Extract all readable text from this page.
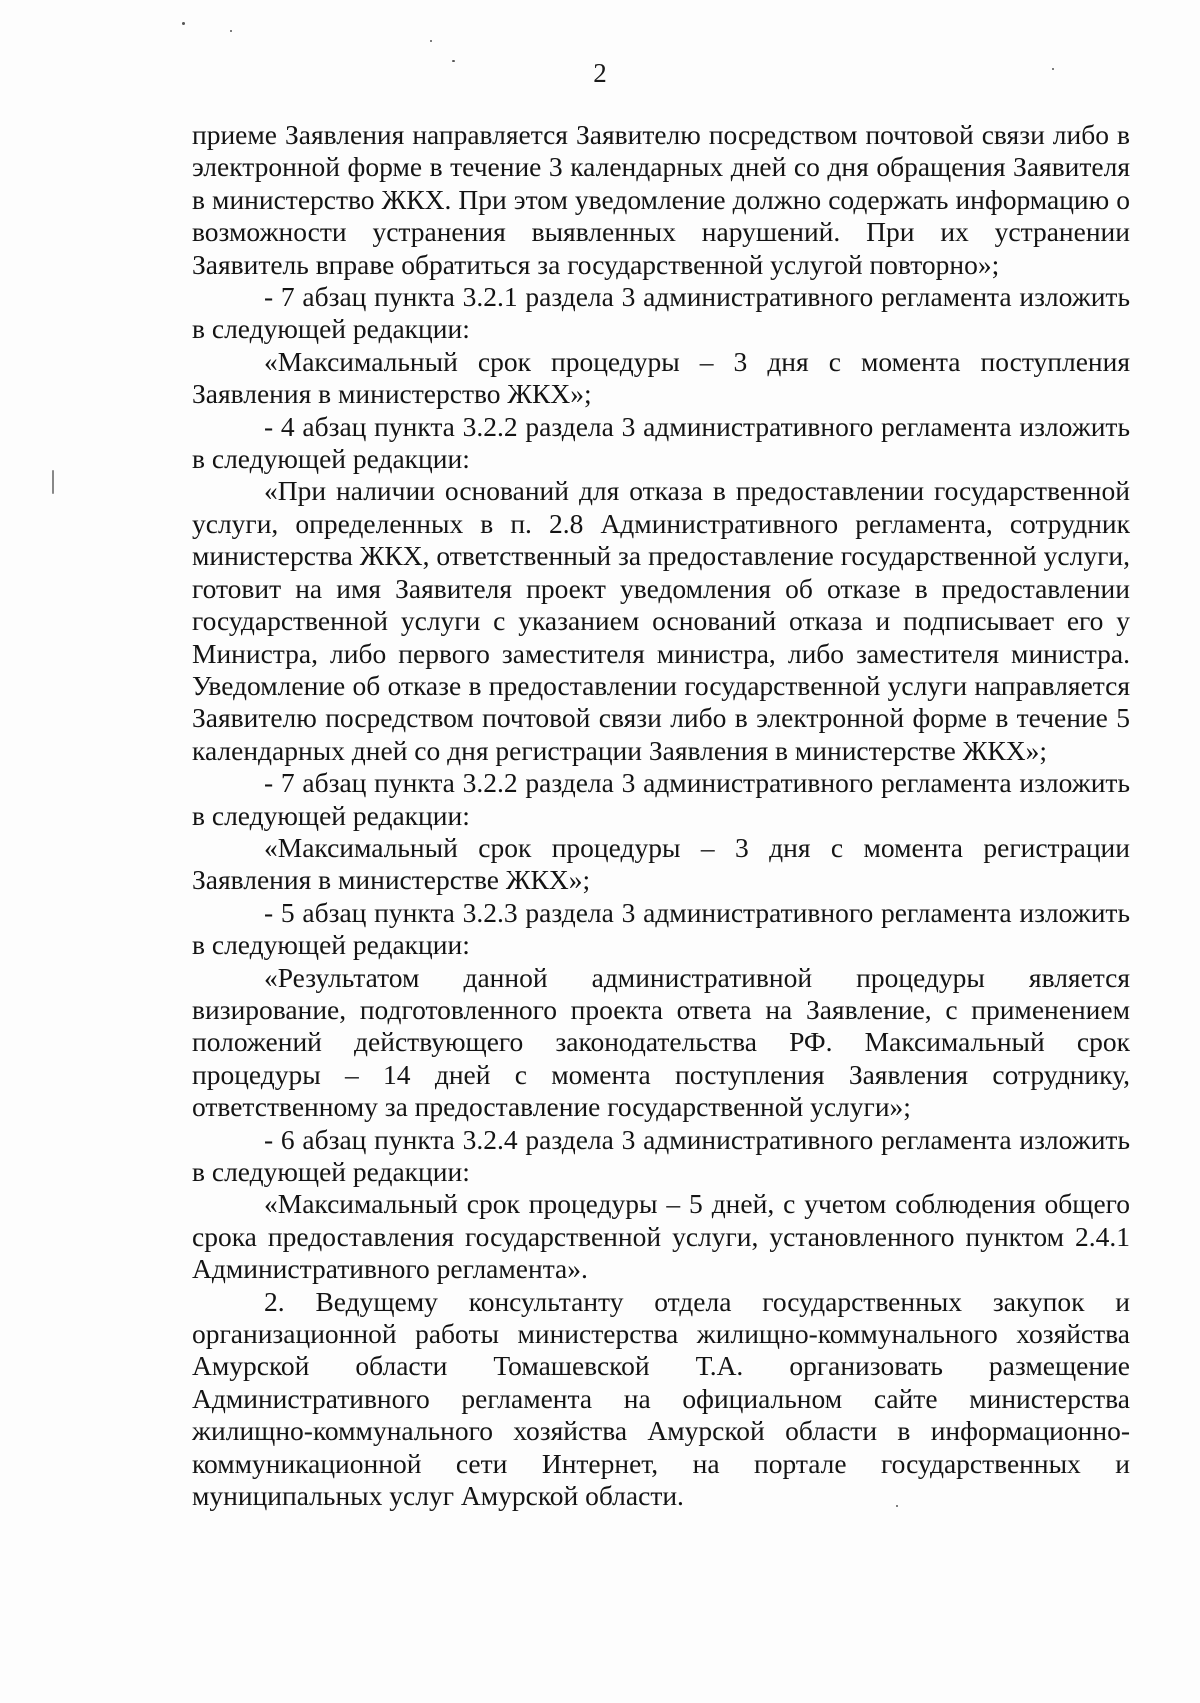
2

приеме Заявления направляется Заявителю посредством почтовой связи либо в электронной форме в течение 3 календарных дней со дня обращения Заявителя в министерство ЖКХ. При этом уведомление должно содержать информацию о возможности устранения выявленных нарушений. При их устранении Заявитель вправе обратиться за государственной услугой повторно»;

- 7 абзац пункта 3.2.1 раздела 3 административного регламента изложить в следующей редакции:

«Максимальный срок процедуры – 3 дня с момента поступления Заявления в министерство ЖКХ»;

- 4 абзац пункта 3.2.2 раздела 3 административного регламента изложить в следующей редакции:

«При наличии оснований для отказа в предоставлении государственной услуги, определенных в п. 2.8 Административного регламента, сотрудник министерства ЖКХ, ответственный за предоставление государственной услуги, готовит на имя Заявителя проект уведомления об отказе в предоставлении государственной услуги с указанием оснований отказа и подписывает его у Министра, либо первого заместителя министра, либо заместителя министра. Уведомление об отказе в предоставлении государственной услуги направляется Заявителю посредством почтовой связи либо в электронной форме в течение 5 календарных дней со дня регистрации Заявления в министерстве ЖКХ»;

- 7 абзац пункта 3.2.2 раздела 3 административного регламента изложить в следующей редакции:

«Максимальный срок процедуры – 3 дня с момента регистрации Заявления в министерстве ЖКХ»;

- 5 абзац пункта 3.2.3 раздела 3 административного регламента изложить в следующей редакции:

«Результатом данной административной процедуры является визирование, подготовленного проекта ответа на Заявление, с применением положений действующего законодательства РФ. Максимальный срок процедуры – 14 дней с момента поступления Заявления сотруднику, ответственному за предоставление государственной услуги»;

- 6 абзац пункта 3.2.4 раздела 3 административного регламента изложить в следующей редакции:

«Максимальный срок процедуры – 5 дней, с учетом соблюдения общего срока предоставления государственной услуги, установленного пунктом 2.4.1 Административного регламента».

2. Ведущему консультанту отдела государственных закупок и организационной работы министерства жилищно-коммунального хозяйства Амурской области Томашевской Т.А. организовать размещение Административного регламента на официальном сайте министерства жилищно-коммунального хозяйства Амурской области в информационно-коммуникационной сети Интернет, на портале государственных и муниципальных услуг Амурской области.
